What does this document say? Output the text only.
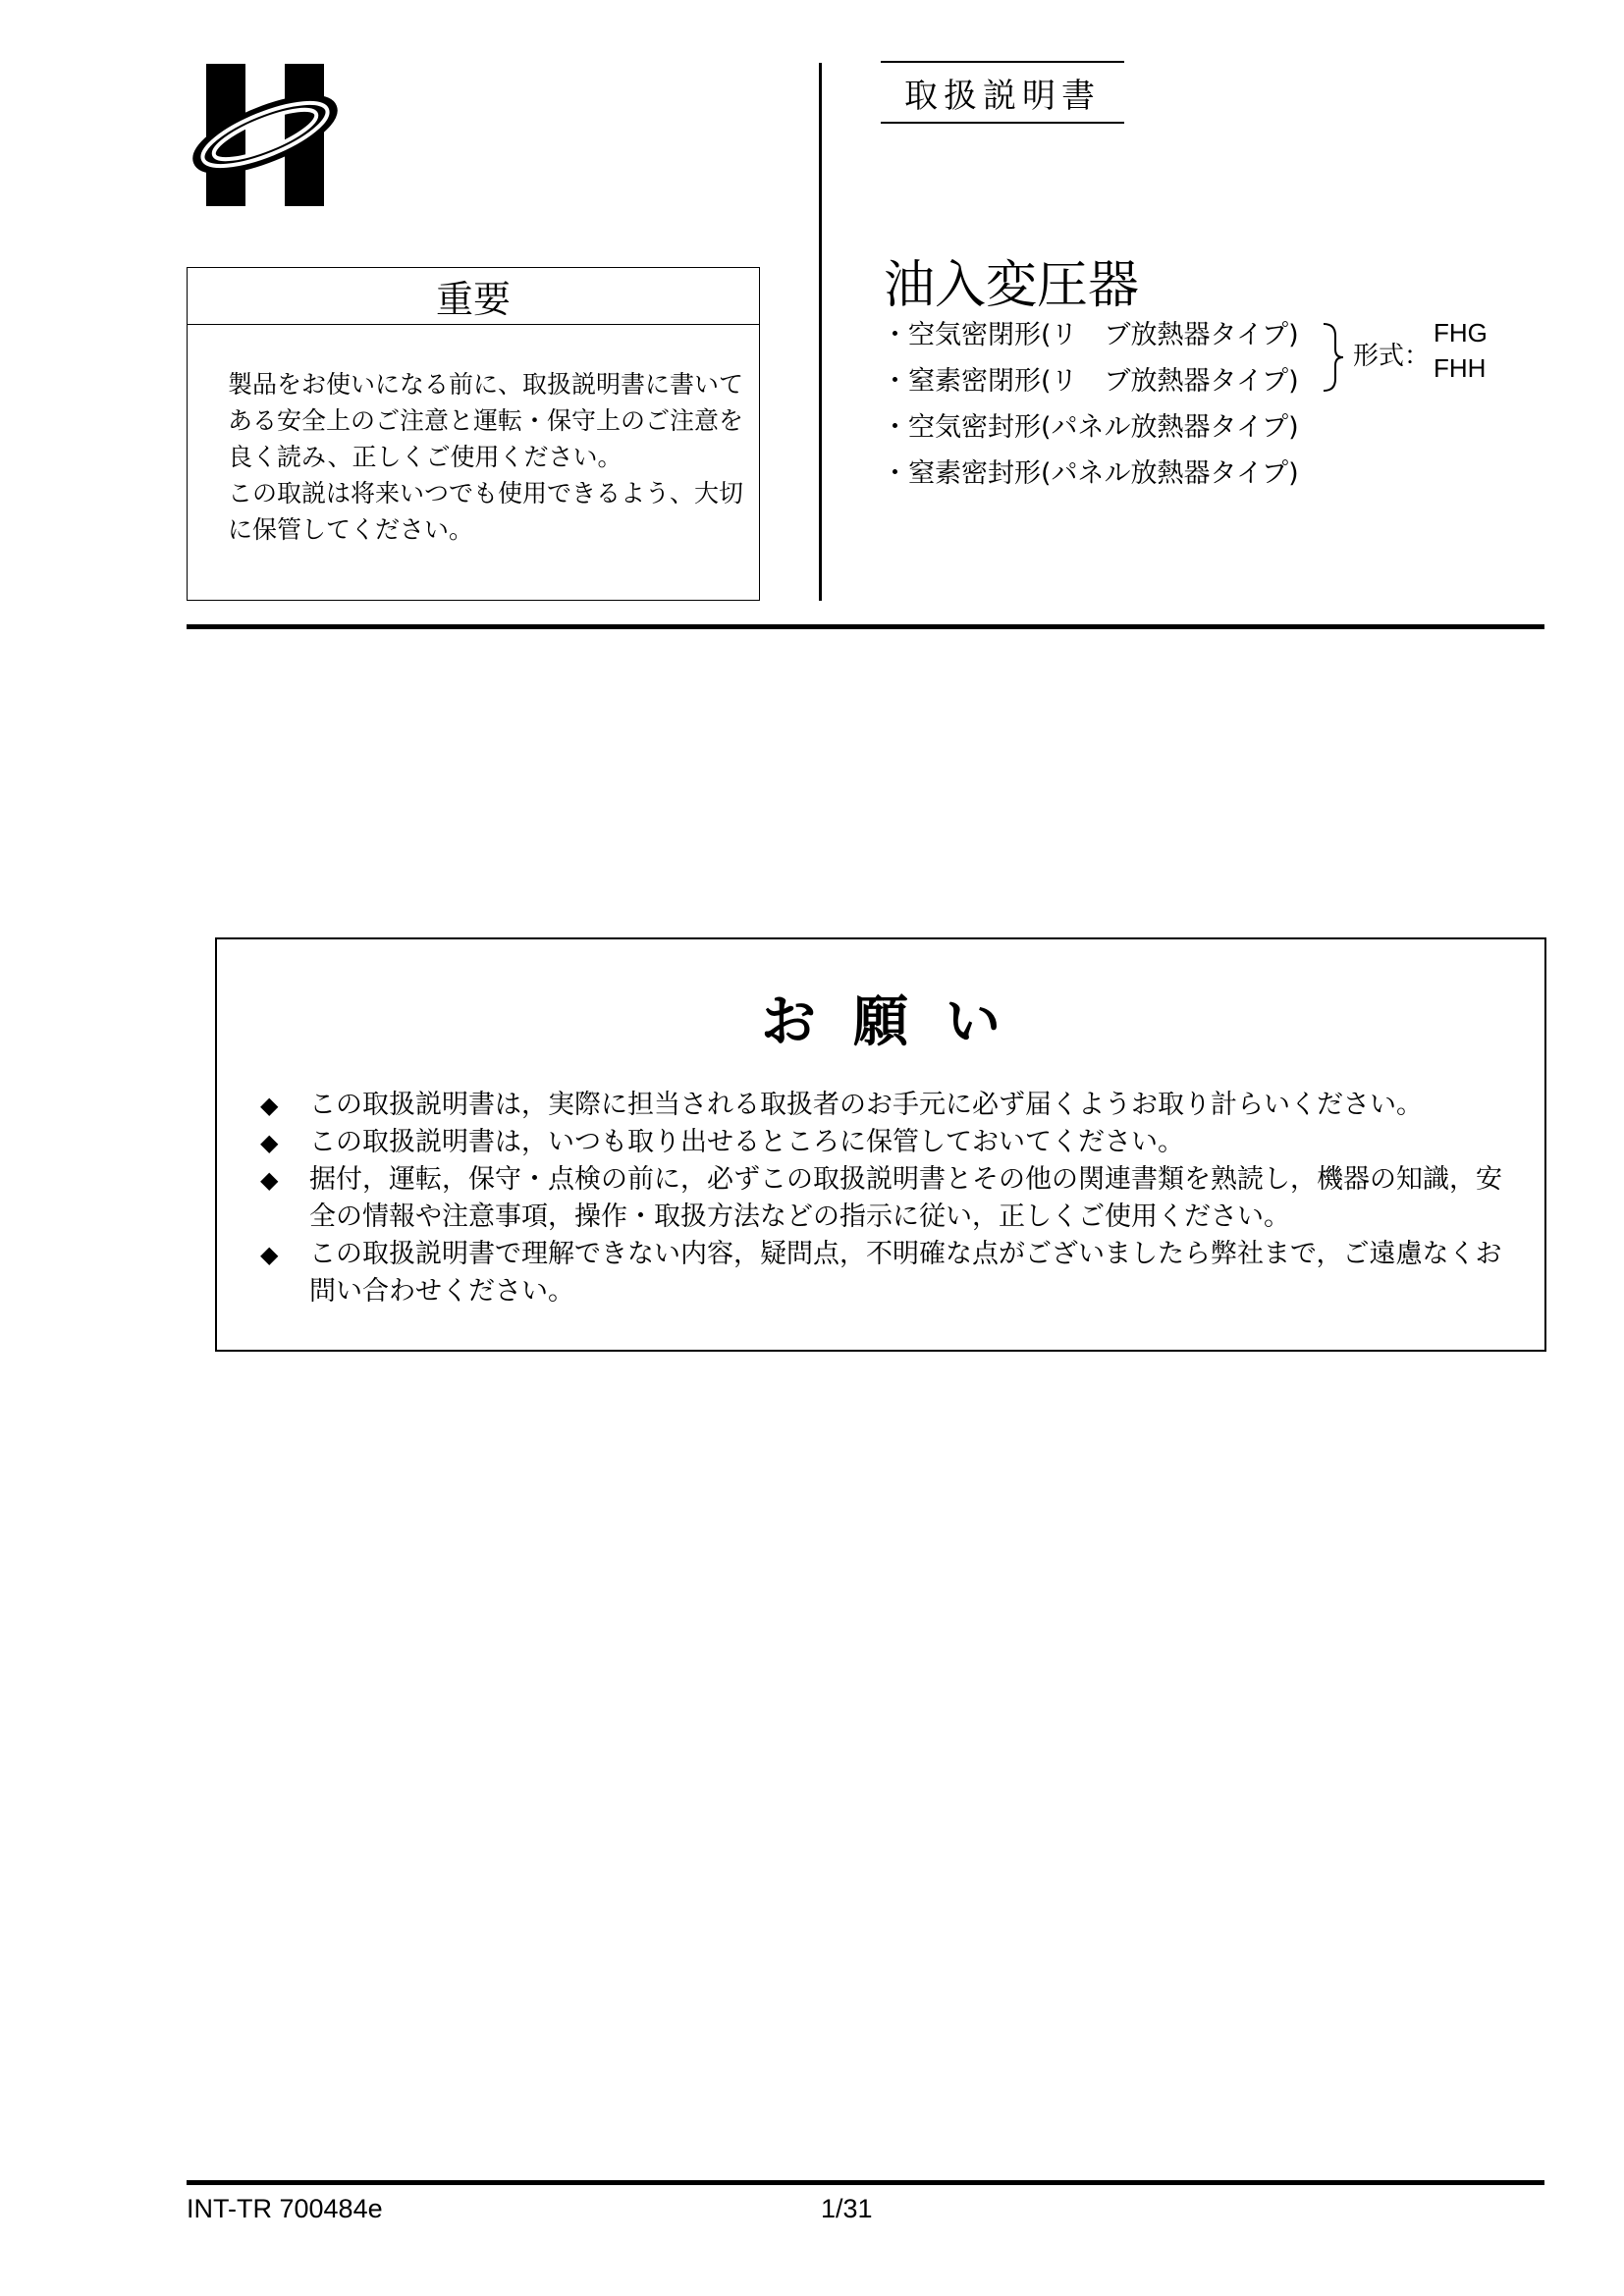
取扱説明書
重要

製品をお使いになる前に、取扱説明書に書いてある安全上のご注意と運転・保守上のご注意を良く読み、正しくご使用ください。

この取説は将来いつでも使用できるよう、大切に保管してください。

油入変圧器
・空気密閉形(リ　ブ放熱器タイプ)
・窒素密閉形(リ　ブ放熱器タイプ)
・空気密封形(パネル放熱器タイプ)
・窒素密封形(パネル放熱器タイプ)
形式：
FHG
FHH
お願い
◆	この取扱説明書は，実際に担当される取扱者のお手元に必ず届くようお取り計らいください。
◆	この取扱説明書は，いつも取り出せるところに保管しておいてください。
◆	据付，運転，保守・点検の前に，必ずこの取扱説明書とその他の関連書類を熟読し，機器の知識，安全の情報や注意事項，操作・取扱方法などの指示に従い，正しくご使用ください。
◆	この取扱説明書で理解できない内容，疑問点，不明確な点がございましたら弊社まで，ご遠慮なくお問い合わせください。
INT-TR 700484e	1/31
